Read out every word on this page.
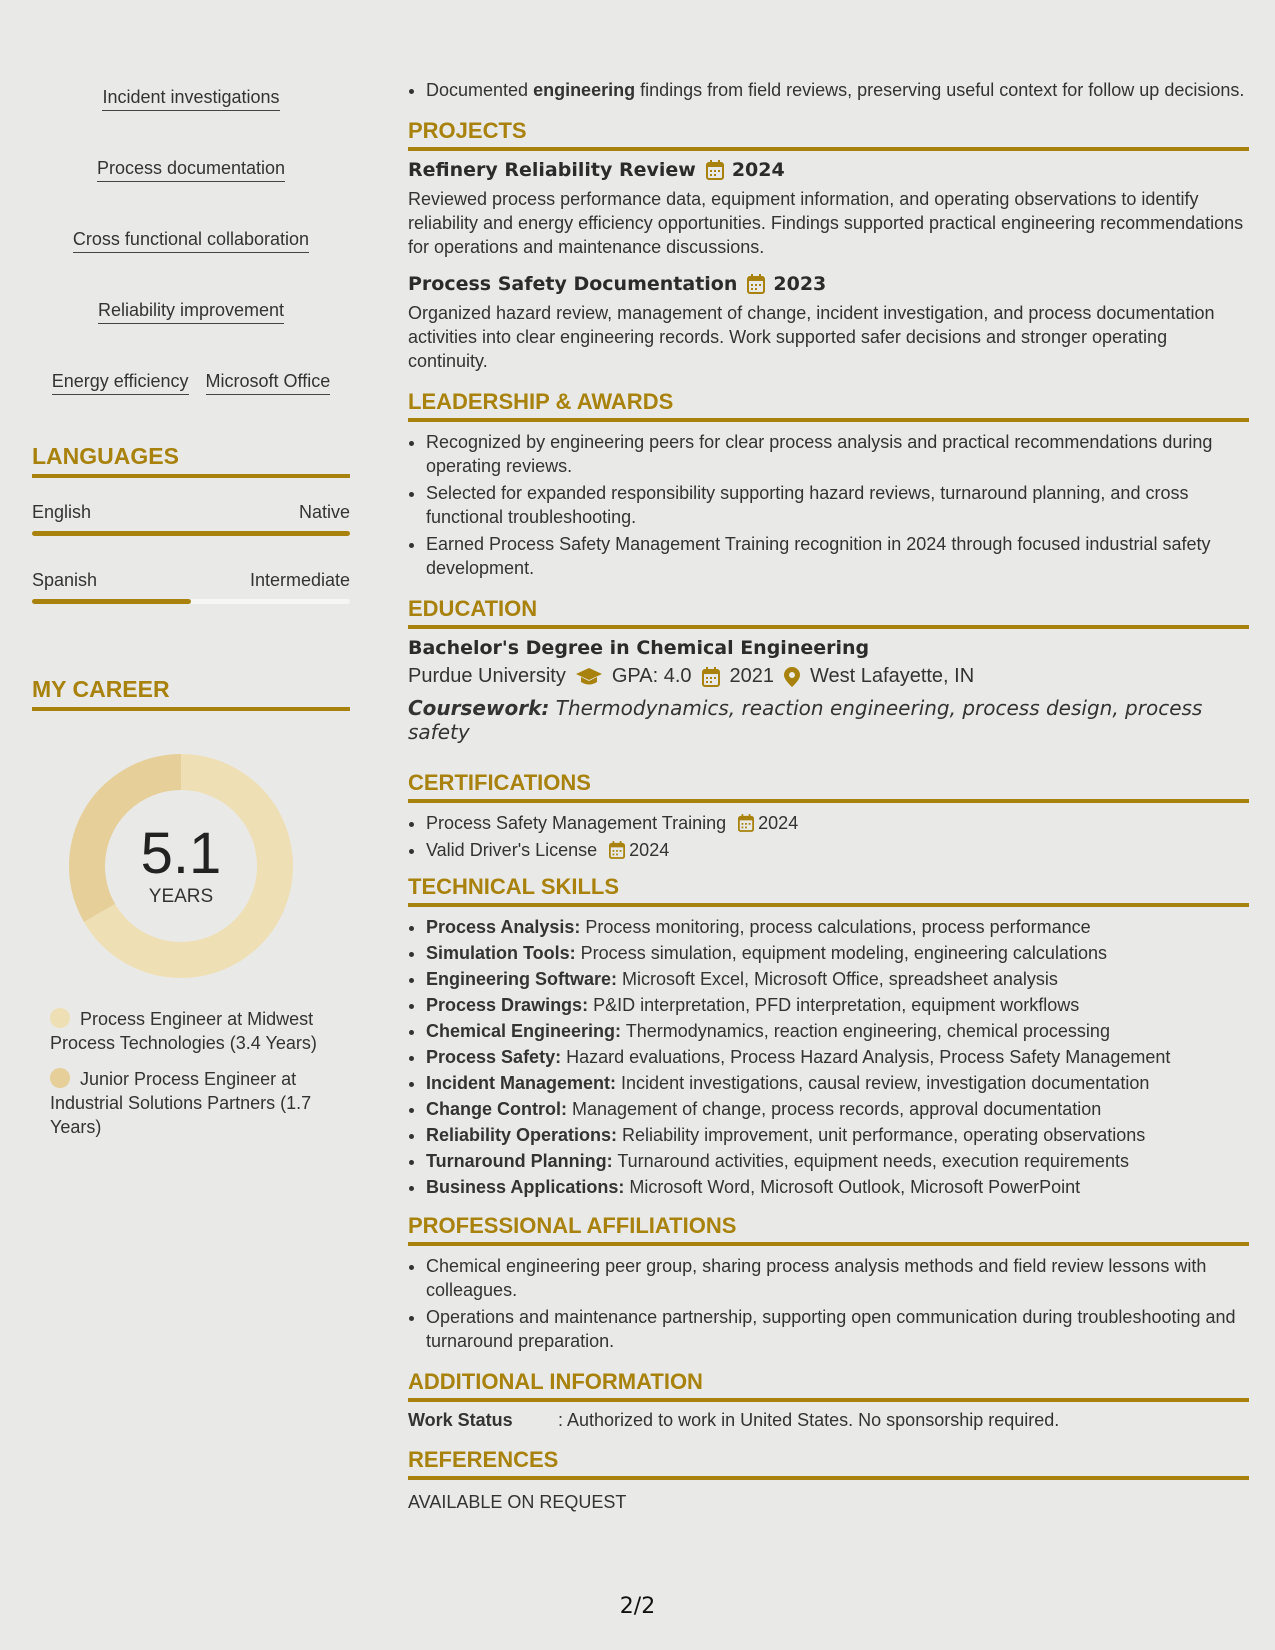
Incident investigations
Process documentation
Cross functional collaboration
Reliability improvement
Energy efficiency Microsoft Office
LANGUAGES
English	Native
Spanish	Intermediate
MY CAREER
5.1
YEARS
Process Engineer at Midwest Process Technologies (3.4 Years)
Junior Process Engineer at Industrial Solutions Partners (1.7 Years)
• Documented engineering findings from field reviews, preserving useful context for follow up decisions.
PROJECTS
Refinery Reliability Review 2024

Reviewed process performance data, equipment information, and operating observations to identify reliability and energy efficiency opportunities. Findings supported practical engineering recommendations for operations and maintenance discussions.

Process Safety Documentation 2023

Organized hazard review, management of change, incident investigation, and process documentation activities into clear engineering records. Work supported safer decisions and stronger operating continuity.

LEADERSHIP & AWARDS
• Recognized by engineering peers for clear process analysis and practical recommendations during operating reviews.
• Selected for expanded responsibility supporting hazard reviews, turnaround planning, and cross functional troubleshooting.
• Earned Process Safety Management Training recognition in 2024 through focused industrial safety development.
EDUCATION
Bachelor's Degree in Chemical Engineering
Purdue University GPA: 4.0 2021 West Lafayette, IN
Coursework: Thermodynamics, reaction engineering, process design, process safety
CERTIFICATIONS
• Process Safety Management Training 2024
• Valid Driver's License 2024
TECHNICAL SKILLS
• Process Analysis: Process monitoring, process calculations, process performance
• Simulation Tools: Process simulation, equipment modeling, engineering calculations
• Engineering Software: Microsoft Excel, Microsoft Office, spreadsheet analysis
• Process Drawings: P&ID interpretation, PFD interpretation, equipment workflows
• Chemical Engineering: Thermodynamics, reaction engineering, chemical processing
• Process Safety: Hazard evaluations, Process Hazard Analysis, Process Safety Management
• Incident Management: Incident investigations, causal review, investigation documentation
• Change Control: Management of change, process records, approval documentation
• Reliability Operations: Reliability improvement, unit performance, operating observations
• Turnaround Planning: Turnaround activities, equipment needs, execution requirements
• Business Applications: Microsoft Word, Microsoft Outlook, Microsoft PowerPoint
PROFESSIONAL AFFILIATIONS
• Chemical engineering peer group, sharing process analysis methods and field review lessons with colleagues.
• Operations and maintenance partnership, supporting open communication during troubleshooting and turnaround preparation.
ADDITIONAL INFORMATION
Work Status	: Authorized to work in United States. No sponsorship required.
REFERENCES

AVAILABLE ON REQUEST

2/2
